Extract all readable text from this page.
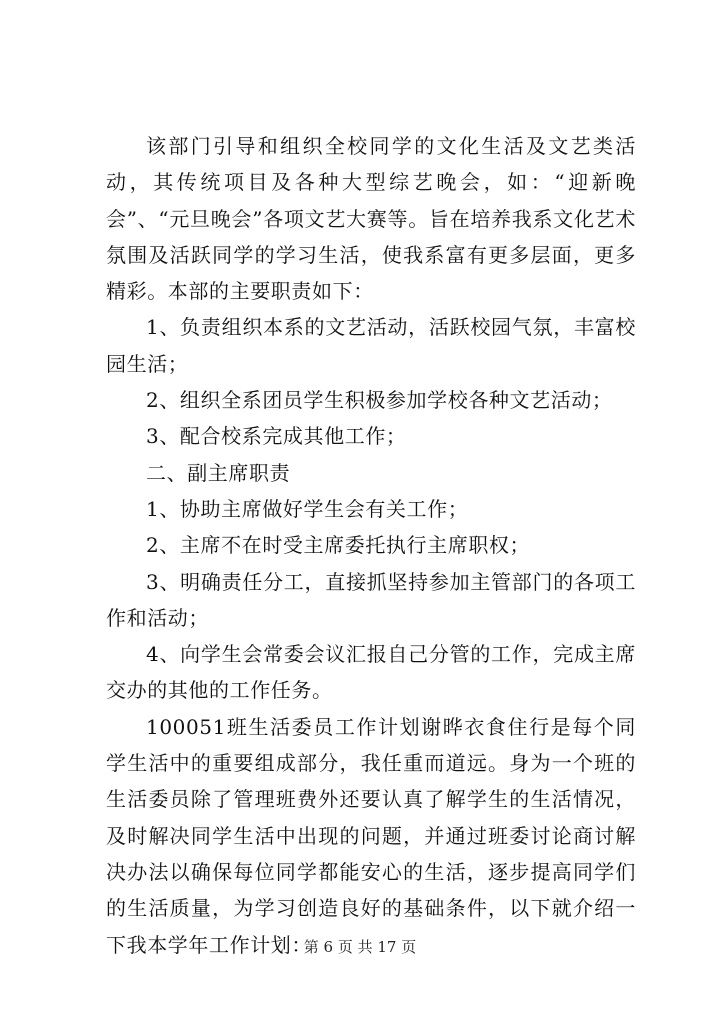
该部门引导和组织全校同学的文化生活及文艺类活动，其传统项目及各种大型综艺晚会，如：“迎新晚会”、“元旦晚会”各项文艺大赛等。旨在培养我系文化艺术氛围及活跃同学的学习生活，使我系富有更多层面，更多精彩。本部的主要职责如下：

1、负责组织本系的文艺活动，活跃校园气氛，丰富校园生活；

2、组织全系团员学生积极参加学校各种文艺活动；

3、配合校系完成其他工作；

二、副主席职责

1、协助主席做好学生会有关工作；

2、主席不在时受主席委托执行主席职权；

3、明确责任分工，直接抓坚持参加主管部门的各项工作和活动；

4、向学生会常委会议汇报自己分管的工作，完成主席交办的其他的工作任务。

100051班生活委员工作计划谢晔衣食住行是每个同学生活中的重要组成部分，我任重而道远。身为一个班的生活委员除了管理班费外还要认真了解学生的生活情况，及时解决同学生活中出现的问题，并通过班委讨论商讨解决办法以确保每位同学都能安心的生活，逐步提高同学们的生活质量，为学习创造良好的基础条件，以下就介绍一下我本学年工作计划：

第 6 页 共 17 页
